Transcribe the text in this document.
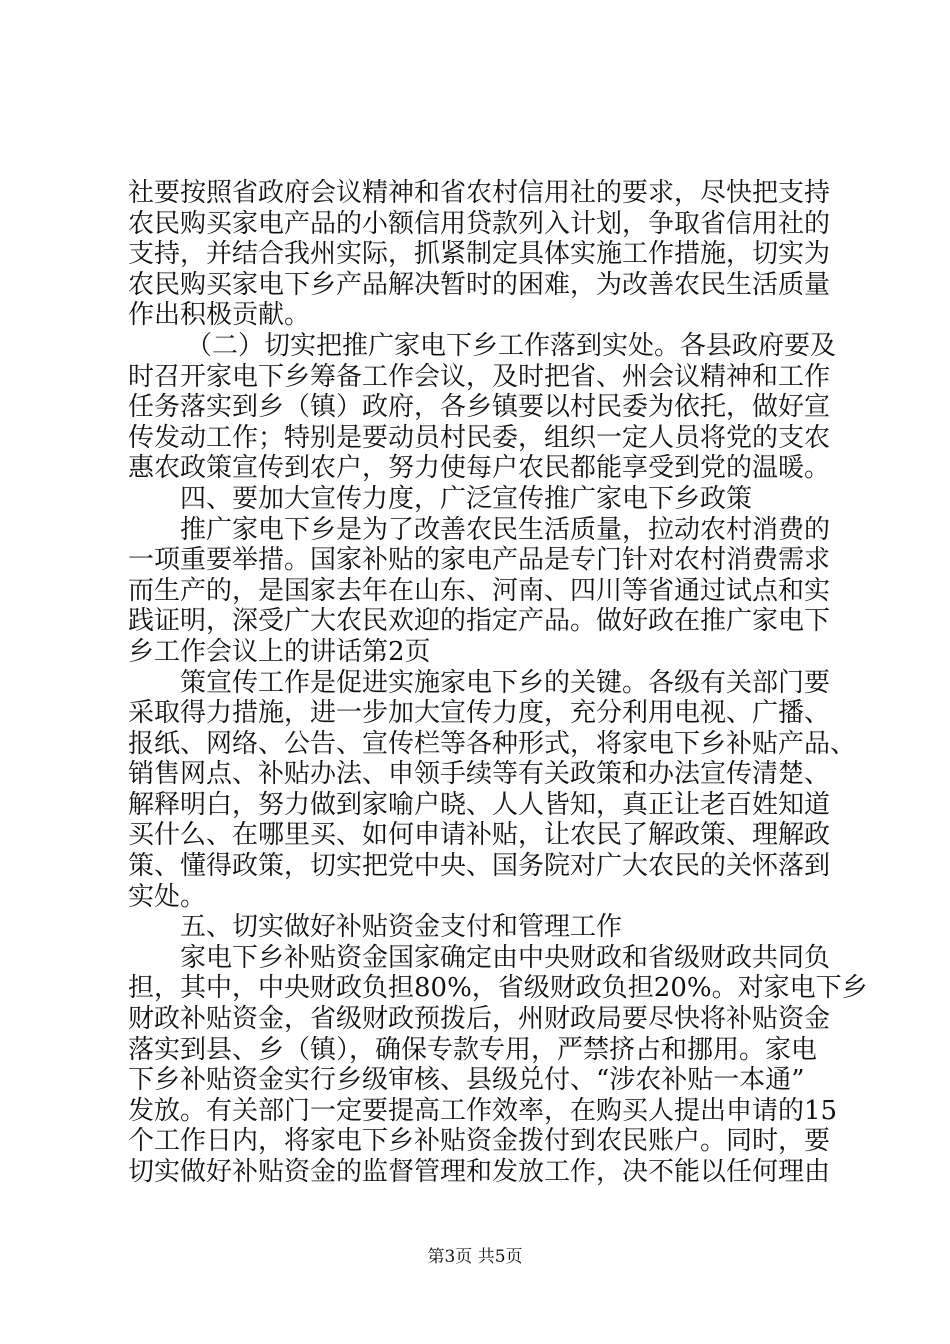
社要按照省政府会议精神和省农村信用社的要求，尽快把支持
农民购买家电产品的小额信用贷款列入计划，争取省信用社的
支持，并结合我州实际，抓紧制定具体实施工作措施，切实为
农民购买家电下乡产品解决暂时的困难，为改善农民生活质量
作出积极贡献。
（二）切实把推广家电下乡工作落到实处。各县政府要及
时召开家电下乡筹备工作会议，及时把省、州会议精神和工作
任务落实到乡（镇）政府，各乡镇要以村民委为依托，做好宣
传发动工作；特别是要动员村民委，组织一定人员将党的支农
惠农政策宣传到农户，努力使每户农民都能享受到党的温暖。
四、要加大宣传力度，广泛宣传推广家电下乡政策
推广家电下乡是为了改善农民生活质量，拉动农村消费的
一项重要举措。国家补贴的家电产品是专门针对农村消费需求
而生产的，是国家去年在山东、河南、四川等省通过试点和实
践证明，深受广大农民欢迎的指定产品。做好政在推广家电下
乡工作会议上的讲话第2页
策宣传工作是促进实施家电下乡的关键。各级有关部门要
采取得力措施，进一步加大宣传力度，充分利用电视、广播、
报纸、网络、公告、宣传栏等各种形式，将家电下乡补贴产品、
销售网点、补贴办法、申领手续等有关政策和办法宣传清楚、
解释明白，努力做到家喻户晓、人人皆知，真正让老百姓知道
买什么、在哪里买、如何申请补贴，让农民了解政策、理解政
策、懂得政策，切实把党中央、国务院对广大农民的关怀落到
实处。
五、切实做好补贴资金支付和管理工作
家电下乡补贴资金国家确定由中央财政和省级财政共同负
担，其中，中央财政负担80%，省级财政负担20%。对家电下乡
财政补贴资金，省级财政预拨后，州财政局要尽快将补贴资金
落实到县、乡（镇），确保专款专用，严禁挤占和挪用。家电
下乡补贴资金实行乡级审核、县级兑付、“涉农补贴一本通”
发放。有关部门一定要提高工作效率，在购买人提出申请的15
个工作日内，将家电下乡补贴资金拨付到农民账户。同时，要
切实做好补贴资金的监督管理和发放工作，决不能以任何理由
第3页 共5页
